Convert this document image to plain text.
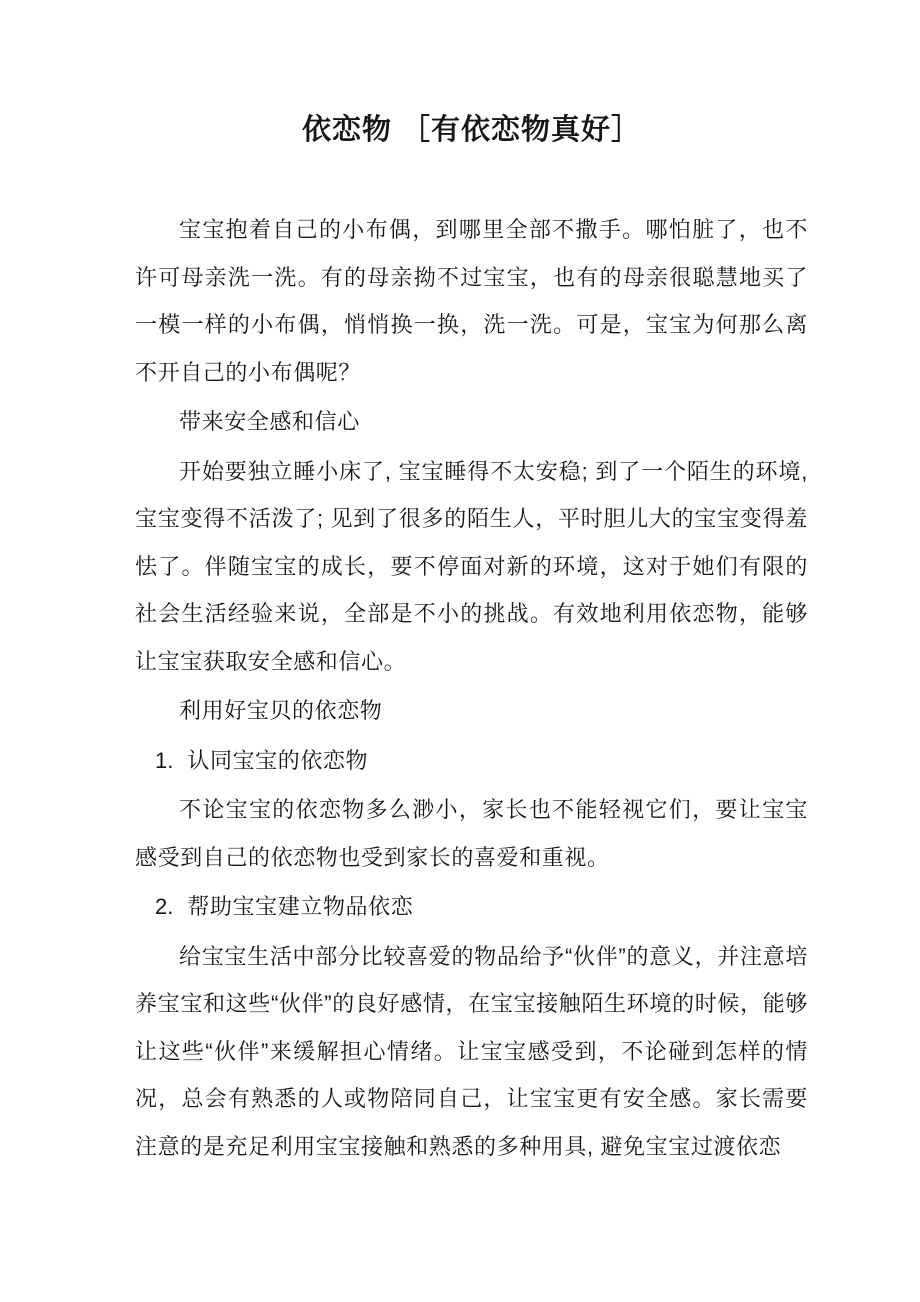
依恋物 ［有依恋物真好］

宝宝抱着自己的小布偶，到哪里全部不撒手。哪怕脏了，也不许可母亲洗一洗。有的母亲拗不过宝宝，也有的母亲很聪慧地买了一模一样的小布偶，悄悄换一换，洗一洗。可是，宝宝为何那么离不开自己的小布偶呢？

带来安全感和信心

开始要独立睡小床了, 宝宝睡得不太安稳; 到了一个陌生的环境, 宝宝变得不活泼了; 见到了很多的陌生人，平时胆儿大的宝宝变得羞怯了。伴随宝宝的成长，要不停面对新的环境，这对于她们有限的社会生活经验来说，全部是不小的挑战。有效地利用依恋物，能够让宝宝获取安全感和信心。

利用好宝贝的依恋物

1. 认同宝宝的依恋物

不论宝宝的依恋物多么渺小，家长也不能轻视它们，要让宝宝感受到自己的依恋物也受到家长的喜爱和重视。

2. 帮助宝宝建立物品依恋

给宝宝生活中部分比较喜爱的物品给予“伙伴”的意义，并注意培养宝宝和这些“伙伴”的良好感情，在宝宝接触陌生环境的时候，能够让这些“伙伴”来缓解担心情绪。让宝宝感受到，不论碰到怎样的情况，总会有熟悉的人或物陪同自己，让宝宝更有安全感。家长需要注意的是充足利用宝宝接触和熟悉的多种用具, 避免宝宝过渡依恋
